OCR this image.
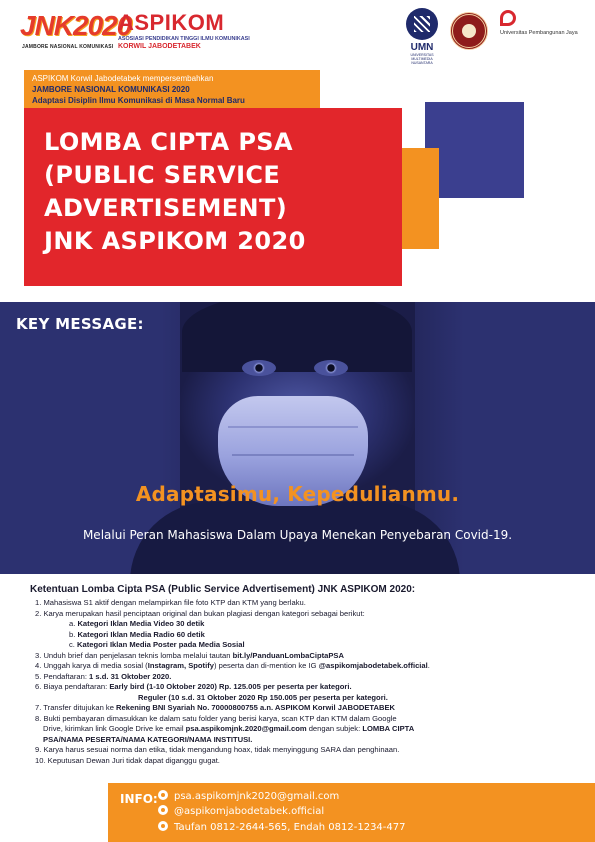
JNK2020
JAMBORE NASIONAL KOMUNIKASI
ASPIKOM
ASOSIASI PENDIDIKAN TINGGI ILMU KOMUNIKASI
KORWIL JABODETABEK	UMN
UNIVERSITAS MULTIMEDIA NUSANTARA
Universitas Pembangunan Jaya
ASPIKOM Korwil Jabodetabek mempersembahkan
JAMBORE NASIONAL KOMUNIKASI 2020
Adaptasi Disiplin Ilmu Komunikasi di Masa Normal Baru
LOMBA CIPTA PSA
(PUBLIC SERVICE
ADVERTISEMENT)
JNK ASPIKOM 2020
KEY MESSAGE:
Adaptasimu, Kepedulianmu.
Melalui Peran Mahasiswa Dalam Upaya Menekan Penyebaran Covid-19.
Ketentuan Lomba Cipta PSA (Public Service Advertisement) JNK ASPIKOM 2020:
1. Mahasiswa S1 aktif dengan melampirkan file foto KTP dan KTM yang berlaku.
2. Karya merupakan hasil penciptaan original dan bukan plagiasi dengan kategori sebagai berikut:
a. Kategori Iklan Media Video 30 detik
b. Kategori Iklan Media Radio 60 detik
c. Kategori Iklan Media Poster pada Media Sosial
3. Unduh brief dan penjelasan teknis lomba melalui tautan bit.ly/PanduanLombaCiptaPSA
4. Unggah karya di media sosial (Instagram, Spotify) peserta dan di-mention ke IG @aspikomjabodetabek.official.
5. Pendaftaran: 1 s.d. 31 Oktober 2020.
6. Biaya pendaftaran: Early bird (1-10 Oktober 2020) Rp. 125.005 per peserta per kategori.
Reguler (10 s.d. 31 Oktober 2020 Rp 150.005 per peserta per kategori.
7. Transfer ditujukan ke Rekening BNI Syariah No. 70000800755 a.n. ASPIKOM Korwil JABODETABEK
8. Bukti pembayaran dimasukkan ke dalam satu folder yang berisi karya, scan KTP dan KTM dalam Google
Drive, kirimkan link Google Drive ke email psa.aspikomjnk.2020@gmail.com dengan subjek: LOMBA CIPTA
PSA/NAMA PESERTA/NAMA KATEGORI/NAMA INSTITUSI.
9. Karya harus sesuai norma dan etika, tidak mengandung hoax, tidak menyinggung SARA dan penghinaan.
10. Keputusan Dewan Juri tidak dapat diganggu gugat.
INFO:	psa.aspikomjnk2020@gmail.com
@aspikomjabodetabek.official
Taufan 0812-2644-565, Endah 0812-1234-477
